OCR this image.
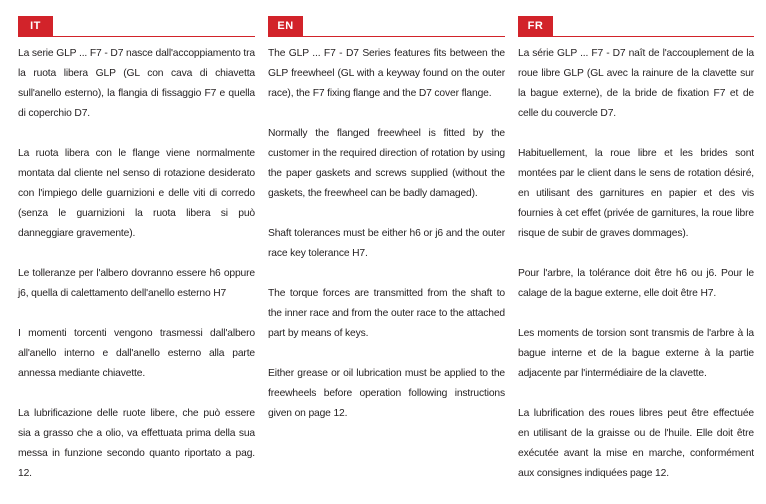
IT

La serie GLP ... F7 - D7 nasce dall'accoppiamento tra la ruota libera GLP (GL con cava di chiavetta sull'anello esterno), la flangia di fissaggio F7 e quella di coperchio D7.

La ruota libera con le flange viene normalmente montata dal cliente nel senso di rotazione desiderato con l'impiego delle guarnizioni e delle viti di corredo (senza le guarnizioni la ruota libera si può danneggiare gravemente).

Le tolleranze per l'albero dovranno essere h6 oppure j6, quella di calettamento dell'anello esterno H7

I momenti torcenti vengono trasmessi dall'albero all'anello interno e dall'anello esterno alla parte annessa mediante chiavette.

La lubrificazione delle ruote libere, che può essere sia a grasso che a olio, va effettuata prima della sua messa in funzione secondo quanto riportato a pag. 12.

EN

The GLP ... F7 - D7 Series features fits between the GLP freewheel (GL with a keyway found on the outer race), the F7 fixing flange and the D7 cover flange.

Normally the flanged freewheel is fitted by the customer in the required direction of rotation by using the paper gaskets and screws supplied (without the gaskets, the freewheel can be badly damaged).

Shaft tolerances must be either h6 or j6 and the outer race key tolerance H7.

The torque forces are transmitted from the shaft to the inner race and from the outer race to the attached part by means of keys.

Either grease or oil lubrication must be applied to the freewheels before operation following instructions given on page 12.

FR

La série GLP ... F7 - D7 naît de l'accouplement de la roue libre GLP (GL avec la rainure de la clavette sur la bague externe), de la bride de fixation F7 et de celle du couvercle D7.

Habituellement, la roue libre et les brides sont montées par le client dans le sens de rotation désiré, en utilisant des garnitures en papier et des vis fournies à cet effet (privée de garnitures, la roue libre risque de subir de graves dommages).

Pour l'arbre, la tolérance doit être h6 ou j6. Pour le calage de la bague externe, elle doit être H7.

Les moments de torsion sont transmis de l'arbre à la bague interne et de la bague externe à la partie adjacente par l'intermédiaire de la clavette.

La lubrification des roues libres peut être effectuée en utilisant de la graisse ou de l'huile. Elle doit être exécutée avant la mise en marche, conformément aux consignes indiquées page 12.
